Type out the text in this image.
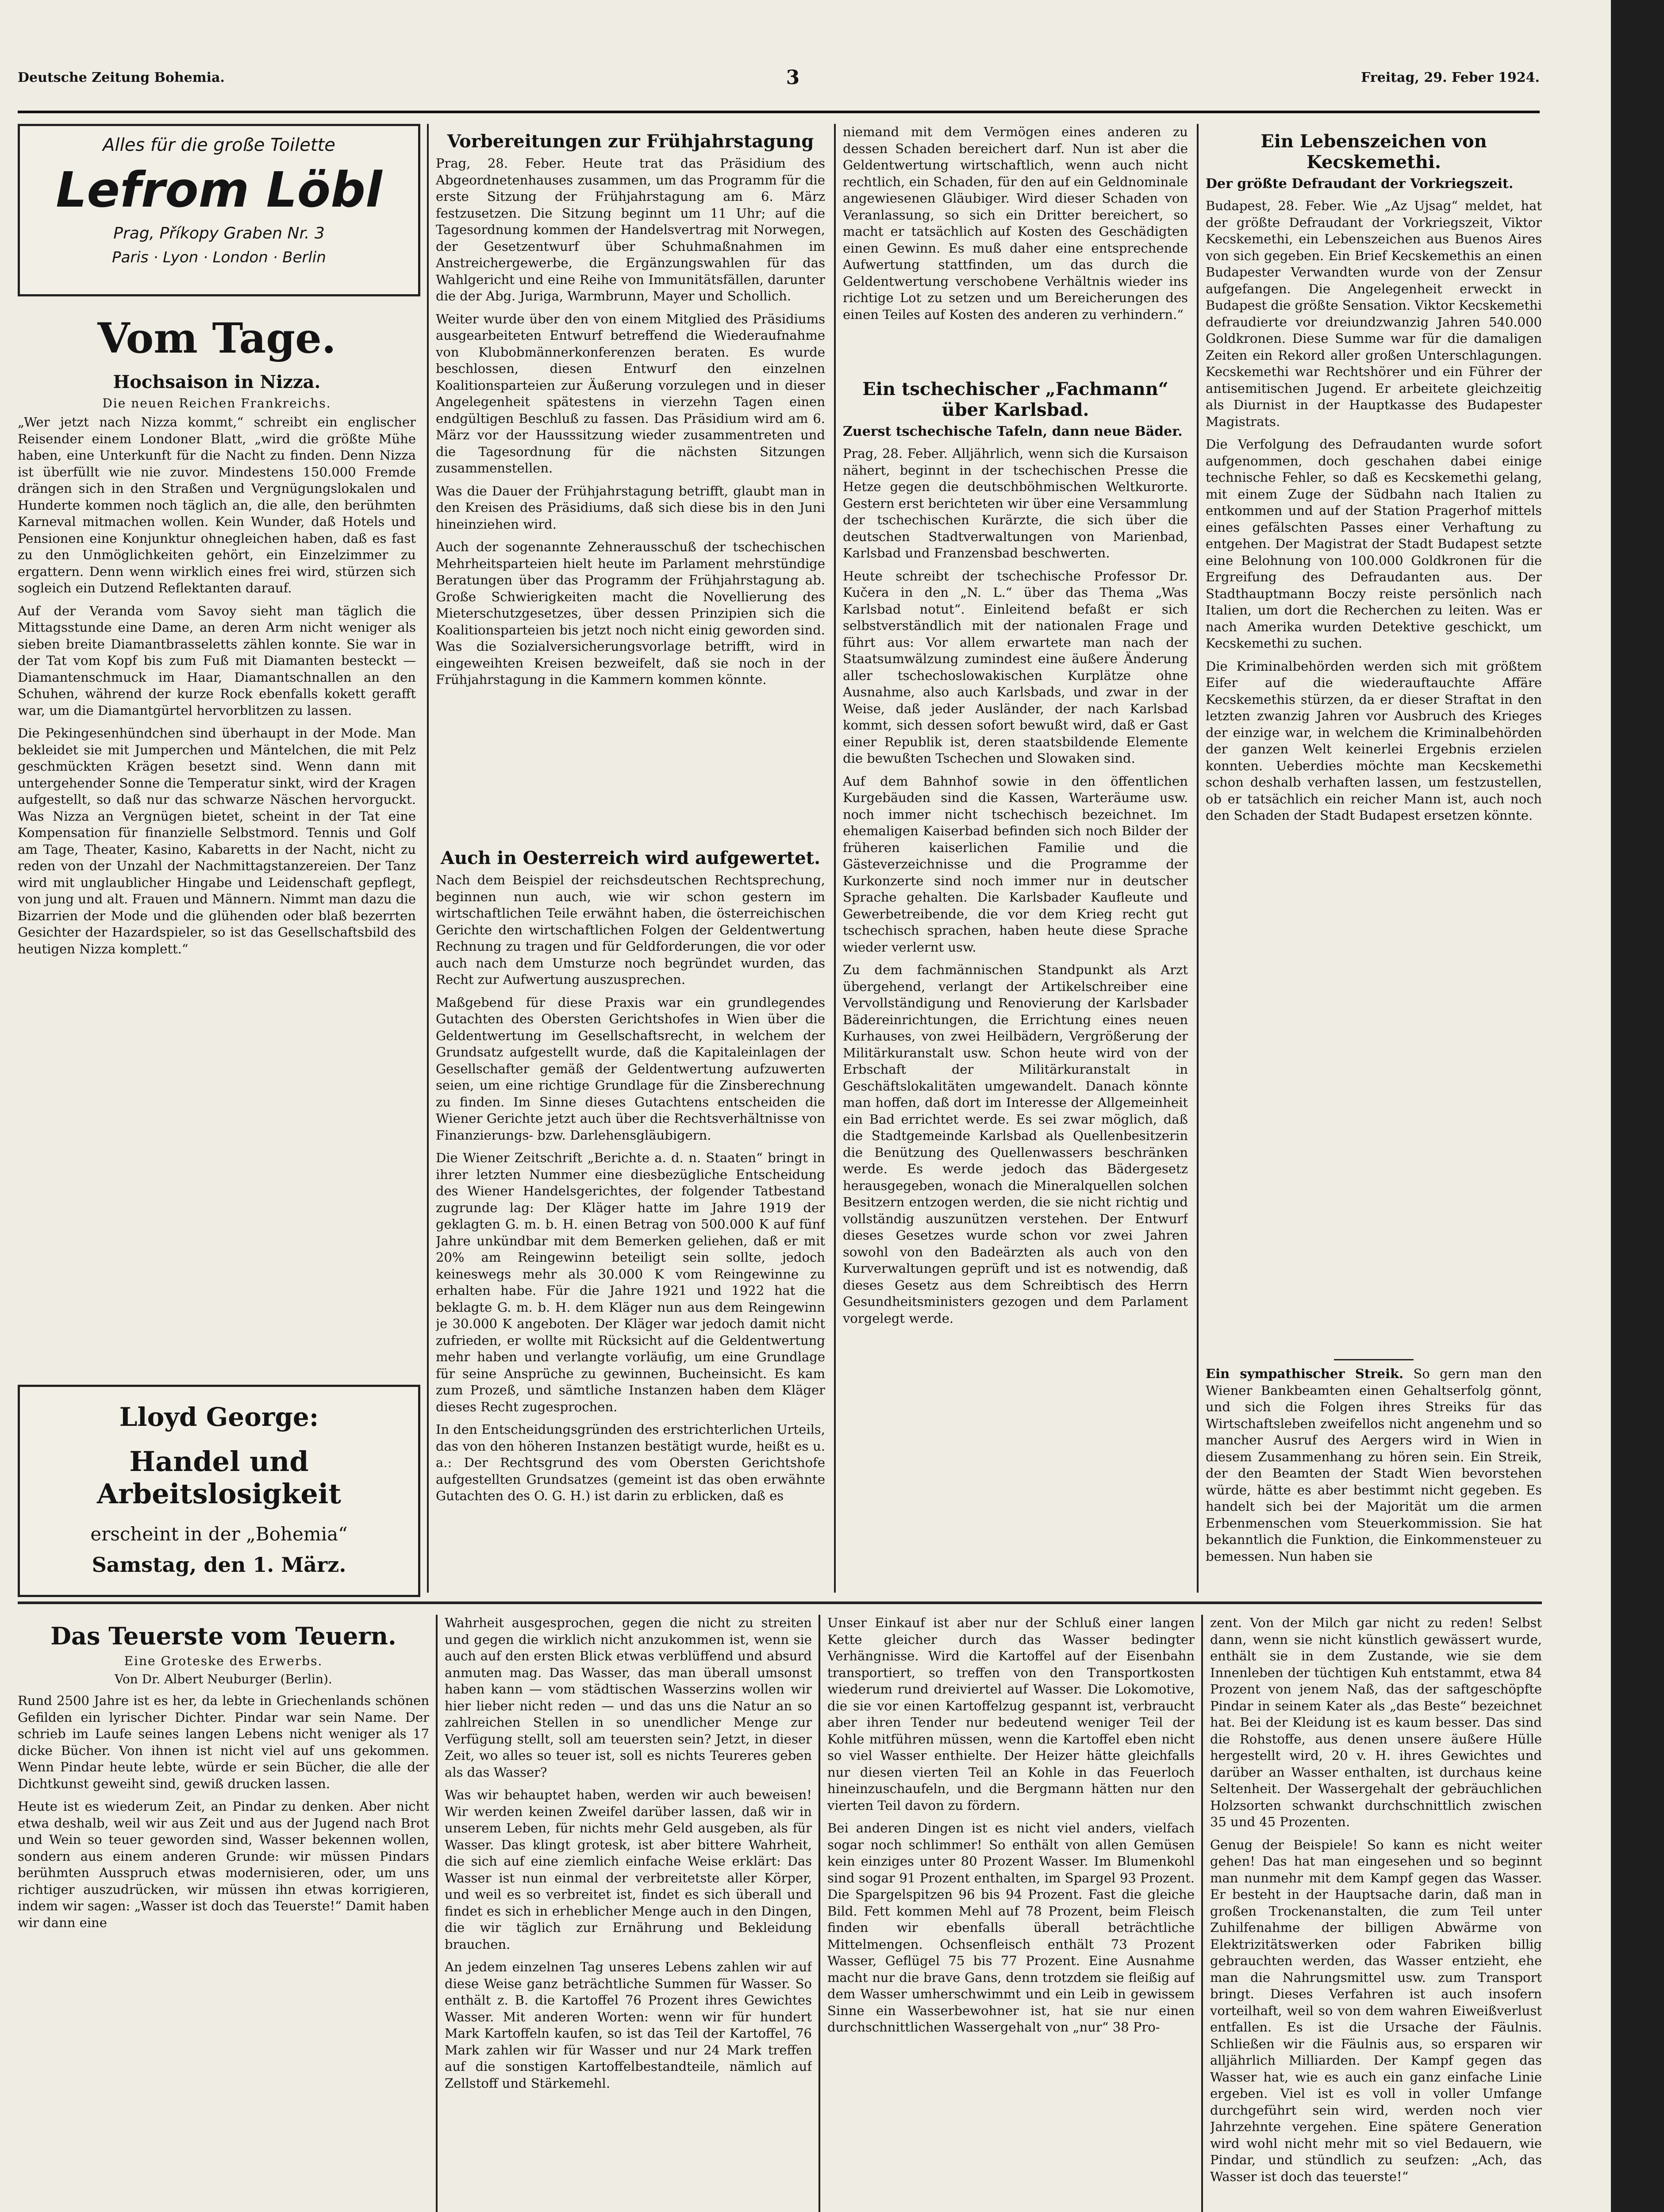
Deutsche Zeitung Bohemia.	3	Freitag, 29. Feber 1924.
Alles für die große Toilette
Lefrom Löbl
Prag, Příkopy Graben Nr. 3
Paris · Lyon · London · Berlin
Vom Tage.
Hochsaison in Nizza.
Die neuen Reichen Frankreichs.

„Wer jetzt nach Nizza kommt,“ schreibt ein englischer Reisender einem Londoner Blatt, „wird die größte Mühe haben, eine Unterkunft für die Nacht zu finden. Denn Nizza ist überfüllt wie nie zuvor. Mindestens 150.000 Fremde drängen sich in den Straßen und Vergnügungslokalen und Hunderte kommen noch täglich an, die alle, den berühmten Karneval mitmachen wollen. Kein Wunder, daß Hotels und Pensionen eine Konjunktur ohnegleichen haben, daß es fast zu den Unmöglichkeiten gehört, ein Einzelzimmer zu ergattern. Denn wenn wirklich eines frei wird, stürzen sich sogleich ein Dutzend Reflektanten darauf.

Auf der Veranda vom Savoy sieht man täglich die Mittagsstunde eine Dame, an deren Arm nicht weniger als sieben breite Diamantbrasseletts zählen konnte. Sie war in der Tat vom Kopf bis zum Fuß mit Diamanten besteckt — Diamantenschmuck im Haar, Diamantschnallen an den Schuhen, während der kurze Rock ebenfalls kokett gerafft war, um die Diamantgürtel hervorblitzen zu lassen.

Die Pekingesenhündchen sind überhaupt in der Mode. Man bekleidet sie mit Jumperchen und Mäntelchen, die mit Pelz geschmückten Krägen besetzt sind. Wenn dann mit untergehender Sonne die Temperatur sinkt, wird der Kragen aufgestellt, so daß nur das schwarze Näschen hervorguckt. Was Nizza an Vergnügen bietet, scheint in der Tat eine Kompensation für finanzielle Selbstmord. Tennis und Golf am Tage, Theater, Kasino, Kabaretts in der Nacht, nicht zu reden von der Unzahl der Nachmittagstanzereien. Der Tanz wird mit unglaublicher Hingabe und Leidenschaft gepflegt, von jung und alt. Frauen und Männern. Nimmt man dazu die Bizarrien der Mode und die glühenden oder blaß bezerrten Gesichter der Hazardspieler, so ist das Gesellschaftsbild des heutigen Nizza komplett.“

Lloyd George:
Handel und Arbeitslosigkeit
erscheint in der „Bohemia“
Samstag, den 1. März.
Vorbereitungen zur Frühjahrstagung

Prag, 28. Feber. Heute trat das Präsidium des Abgeordnetenhauses zusammen, um das Programm für die erste Sitzung der Frühjahrstagung am 6. März festzusetzen. Die Sitzung beginnt um 11 Uhr; auf die Tagesordnung kommen der Handelsvertrag mit Norwegen, der Gesetzentwurf über Schuhmaßnahmen im Anstreichergewerbe, die Ergänzungswahlen für das Wahlgericht und eine Reihe von Immunitätsfällen, darunter die der Abg. Juriga, Warmbrunn, Mayer und Schollich.

Weiter wurde über den von einem Mitglied des Präsidiums ausgearbeiteten Entwurf betreffend die Wiederaufnahme von Klubobmännerkonferenzen beraten. Es wurde beschlossen, diesen Entwurf den einzelnen Koalitionsparteien zur Äußerung vorzulegen und in dieser Angelegenheit spätestens in vierzehn Tagen einen endgültigen Beschluß zu fassen. Das Präsidium wird am 6. März vor der Hausssitzung wieder zusammentreten und die Tagesordnung für die nächsten Sitzungen zusammenstellen.

Was die Dauer der Frühjahrstagung betrifft, glaubt man in den Kreisen des Präsidiums, daß sich diese bis in den Juni hineinziehen wird.

Auch der sogenannte Zehnerausschuß der tschechischen Mehrheitsparteien hielt heute im Parlament mehrstündige Beratungen über das Programm der Frühjahrstagung ab. Große Schwierigkeiten macht die Novellierung des Mieterschutzgesetzes, über dessen Prinzipien sich die Koalitionsparteien bis jetzt noch nicht einig geworden sind. Was die Sozialversicherungsvorlage betrifft, wird in eingeweihten Kreisen bezweifelt, daß sie noch in der Frühjahrstagung in die Kammern kommen könnte.

Auch in Oesterreich wird aufgewertet.

Nach dem Beispiel der reichsdeutschen Rechtsprechung, beginnen nun auch, wie wir schon gestern im wirtschaftlichen Teile erwähnt haben, die österreichischen Gerichte den wirtschaftlichen Folgen der Geldentwertung Rechnung zu tragen und für Geldforderungen, die vor oder auch nach dem Umsturze noch begründet wurden, das Recht zur Aufwertung auszusprechen.

Maßgebend für diese Praxis war ein grundlegendes Gutachten des Obersten Gerichtshofes in Wien über die Geldentwertung im Gesellschaftsrecht, in welchem der Grundsatz aufgestellt wurde, daß die Kapitaleinlagen der Gesellschafter gemäß der Geldentwertung aufzuwerten seien, um eine richtige Grundlage für die Zinsberechnung zu finden. Im Sinne dieses Gutachtens entscheiden die Wiener Gerichte jetzt auch über die Rechtsverhältnisse von Finanzierungs- bzw. Darlehensgläubigern.

Die Wiener Zeitschrift „Berichte a. d. n. Staaten“ bringt in ihrer letzten Nummer eine diesbezügliche Entscheidung des Wiener Handelsgerichtes, der folgender Tatbestand zugrunde lag: Der Kläger hatte im Jahre 1919 der geklagten G. m. b. H. einen Betrag von 500.000 K auf fünf Jahre unkündbar mit dem Bemerken geliehen, daß er mit 20% am Reingewinn beteiligt sein sollte, jedoch keineswegs mehr als 30.000 K vom Reingewinne zu erhalten habe. Für die Jahre 1921 und 1922 hat die beklagte G. m. b. H. dem Kläger nun aus dem Reingewinn je 30.000 K angeboten. Der Kläger war jedoch damit nicht zufrieden, er wollte mit Rücksicht auf die Geldentwertung mehr haben und verlangte vorläufig, um eine Grundlage für seine Ansprüche zu gewinnen, Bucheinsicht. Es kam zum Prozeß, und sämtliche Instanzen haben dem Kläger dieses Recht zugesprochen.

In den Entscheidungsgründen des erstrichterlichen Urteils, das von den höheren Instanzen bestätigt wurde, heißt es u. a.: Der Rechtsgrund des vom Obersten Gerichtshofe aufgestellten Grundsatzes (gemeint ist das oben erwähnte Gutachten des O. G. H.) ist darin zu erblicken, daß es

niemand mit dem Vermögen eines anderen zu dessen Schaden bereichert darf. Nun ist aber die Geldentwertung wirtschaftlich, wenn auch nicht rechtlich, ein Schaden, für den auf ein Geldnominale angewiesenen Gläubiger. Wird dieser Schaden von Veranlassung, so sich ein Dritter bereichert, so macht er tatsächlich auf Kosten des Geschädigten einen Gewinn. Es muß daher eine entsprechende Aufwertung stattfinden, um das durch die Geldentwertung verschobene Verhältnis wieder ins richtige Lot zu setzen und um Bereicherungen des einen Teiles auf Kosten des anderen zu verhindern.“

Ein tschechischer „Fachmann“ über Karlsbad.
Zuerst tschechische Tafeln, dann neue Bäder.

Prag, 28. Feber. Alljährlich, wenn sich die Kursaison nähert, beginnt in der tschechischen Presse die Hetze gegen die deutschböhmischen Weltkurorte. Gestern erst berichteten wir über eine Versammlung der tschechischen Kurärzte, die sich über die deutschen Stadtverwaltungen von Marienbad, Karlsbad und Franzensbad beschwerten.

Heute schreibt der tschechische Professor Dr. Kučera in den „N. L.“ über das Thema „Was Karlsbad notut“. Einleitend befaßt er sich selbstverständlich mit der nationalen Frage und führt aus: Vor allem erwartete man nach der Staatsumwälzung zumindest eine äußere Änderung aller tschechoslowakischen Kurplätze ohne Ausnahme, also auch Karlsbads, und zwar in der Weise, daß jeder Ausländer, der nach Karlsbad kommt, sich dessen sofort bewußt wird, daß er Gast einer Republik ist, deren staatsbildende Elemente die bewußten Tschechen und Slowaken sind.

Auf dem Bahnhof sowie in den öffentlichen Kurgebäuden sind die Kassen, Warteräume usw. noch immer nicht tschechisch bezeichnet. Im ehemaligen Kaiserbad befinden sich noch Bilder der früheren kaiserlichen Familie und die Gästeverzeichnisse und die Programme der Kurkonzerte sind noch immer nur in deutscher Sprache gehalten. Die Karlsbader Kaufleute und Gewerbetreibende, die vor dem Krieg recht gut tschechisch sprachen, haben heute diese Sprache wieder verlernt usw.

Zu dem fachmännischen Standpunkt als Arzt übergehend, verlangt der Artikelschreiber eine Vervollständigung und Renovierung der Karlsbader Bädereinrichtungen, die Errichtung eines neuen Kurhauses, von zwei Heilbädern, Vergrößerung der Militärkuranstalt usw. Schon heute wird von der Erbschaft der Militärkuranstalt in Geschäftslokalitäten umgewandelt. Danach könnte man hoffen, daß dort im Interesse der Allgemeinheit ein Bad errichtet werde. Es sei zwar möglich, daß die Stadtgemeinde Karlsbad als Quellenbesitzerin die Benützung des Quellenwassers beschränken werde. Es werde jedoch das Bädergesetz herausgegeben, wonach die Mineralquellen solchen Besitzern entzogen werden, die sie nicht richtig und vollständig auszunützen verstehen. Der Entwurf dieses Gesetzes wurde schon vor zwei Jahren sowohl von den Badeärzten als auch von den Kurverwaltungen geprüft und ist es notwendig, daß dieses Gesetz aus dem Schreibtisch des Herrn Gesundheitsministers gezogen und dem Parlament vorgelegt werde.

Ein Lebenszeichen von Kecskemethi.
Der größte Defraudant der Vorkriegszeit.

Budapest, 28. Feber. Wie „Az Ujsag“ meldet, hat der größte Defraudant der Vorkriegszeit, Viktor Kecskemethi, ein Lebenszeichen aus Buenos Aires von sich gegeben. Ein Brief Kecskemethis an einen Budapester Verwandten wurde von der Zensur aufgefangen. Die Angelegenheit erweckt in Budapest die größte Sensation. Viktor Kecskemethi defraudierte vor dreiundzwanzig Jahren 540.000 Goldkronen. Diese Summe war für die damaligen Zeiten ein Rekord aller großen Unterschlagungen. Kecskemethi war Rechtshörer und ein Führer der antisemitischen Jugend. Er arbeitete gleichzeitig als Diurnist in der Hauptkasse des Budapester Magistrats.

Die Verfolgung des Defraudanten wurde sofort aufgenommen, doch geschahen dabei einige technische Fehler, so daß es Kecskemethi gelang, mit einem Zuge der Südbahn nach Italien zu entkommen und auf der Station Pragerhof mittels eines gefälschten Passes einer Verhaftung zu entgehen. Der Magistrat der Stadt Budapest setzte eine Belohnung von 100.000 Goldkronen für die Ergreifung des Defraudanten aus. Der Stadthauptmann Boczy reiste persönlich nach Italien, um dort die Recherchen zu leiten. Was er nach Amerika wurden Detektive geschickt, um Kecskemethi zu suchen.

Die Kriminalbehörden werden sich mit größtem Eifer auf die wiederauftauchte Affäre Kecskemethis stürzen, da er dieser Straftat in den letzten zwanzig Jahren vor Ausbruch des Krieges der einzige war, in welchem die Kriminalbehörden der ganzen Welt keinerlei Ergebnis erzielen konnten. Ueberdies möchte man Kecskemethi schon deshalb verhaften lassen, um festzustellen, ob er tatsächlich ein reicher Mann ist, auch noch den Schaden der Stadt Budapest ersetzen könnte.

Ein sympathischer Streik. So gern man den Wiener Bankbeamten einen Gehaltserfolg gönnt, und sich die Folgen ihres Streiks für das Wirtschaftsleben zweifellos nicht angenehm und so mancher Ausruf des Aergers wird in Wien in diesem Zusammenhang zu hören sein. Ein Streik, der den Beamten der Stadt Wien bevorstehen würde, hätte es aber bestimmt nicht gegeben. Es handelt sich bei der Majorität um die armen Erbenmenschen vom Steuerkommission. Sie hat bekanntlich die Funktion, die Einkommensteuer zu bemessen. Nun haben sie

Das Teuerste vom Teuern.
Eine Groteske des Erwerbs.
Von Dr. Albert Neuburger (Berlin).

Rund 2500 Jahre ist es her, da lebte in Griechenlands schönen Gefilden ein lyrischer Dichter. Pindar war sein Name. Der schrieb im Laufe seines langen Lebens nicht weniger als 17 dicke Bücher. Von ihnen ist nicht viel auf uns gekommen. Wenn Pindar heute lebte, würde er sein Bücher, die alle der Dichtkunst geweiht sind, gewiß drucken lassen.

Heute ist es wiederum Zeit, an Pindar zu denken. Aber nicht etwa deshalb, weil wir aus Zeit und aus der Jugend nach Brot und Wein so teuer geworden sind, Wasser bekennen wollen, sondern aus einem anderen Grunde: wir müssen Pindars berühmten Ausspruch etwas modernisieren, oder, um uns richtiger auszudrücken, wir müssen ihn etwas korrigieren, indem wir sagen: „Wasser ist doch das Teuerste!“ Damit haben wir dann eine

Wahrheit ausgesprochen, gegen die nicht zu streiten und gegen die wirklich nicht anzukommen ist, wenn sie auch auf den ersten Blick etwas verblüffend und absurd anmuten mag. Das Wasser, das man überall umsonst haben kann — vom städtischen Wasserzins wollen wir hier lieber nicht reden — und das uns die Natur an so zahlreichen Stellen in so unendlicher Menge zur Verfügung stellt, soll am teuersten sein? Jetzt, in dieser Zeit, wo alles so teuer ist, soll es nichts Teureres geben als das Wasser?

Was wir behauptet haben, werden wir auch beweisen! Wir werden keinen Zweifel darüber lassen, daß wir in unserem Leben, für nichts mehr Geld ausgeben, als für Wasser. Das klingt grotesk, ist aber bittere Wahrheit, die sich auf eine ziemlich einfache Weise erklärt: Das Wasser ist nun einmal der verbreitetste aller Körper, und weil es so verbreitet ist, findet es sich überall und findet es sich in erheblicher Menge auch in den Dingen, die wir täglich zur Ernährung und Bekleidung brauchen.

An jedem einzelnen Tag unseres Lebens zahlen wir auf diese Weise ganz beträchtliche Summen für Wasser. So enthält z. B. die Kartoffel 76 Prozent ihres Gewichtes Wasser. Mit anderen Worten: wenn wir für hundert Mark Kartoffeln kaufen, so ist das Teil der Kartoffel, 76 Mark zahlen wir für Wasser und nur 24 Mark treffen auf die sonstigen Kartoffelbestandteile, nämlich auf Zellstoff und Stärkemehl.

Unser Einkauf ist aber nur der Schluß einer langen Kette gleicher durch das Wasser bedingter Verhängnisse. Wird die Kartoffel auf der Eisenbahn transportiert, so treffen von den Transportkosten wiederum rund dreiviertel auf Wasser. Die Lokomotive, die sie vor einen Kartoffelzug gespannt ist, verbraucht aber ihren Tender nur bedeutend weniger Teil der Kohle mitführen müssen, wenn die Kartoffel eben nicht so viel Wasser enthielte. Der Heizer hätte gleichfalls nur diesen vierten Teil an Kohle in das Feuerloch hineinzuschaufeln, und die Bergmann hätten nur den vierten Teil davon zu fördern.

Bei anderen Dingen ist es nicht viel anders, vielfach sogar noch schlimmer! So enthält von allen Gemüsen kein einziges unter 80 Prozent Wasser. Im Blumenkohl sind sogar 91 Prozent enthalten, im Spargel 93 Prozent. Die Spargelspitzen 96 bis 94 Prozent. Fast die gleiche Bild. Fett kommen Mehl auf 78 Prozent, beim Fleisch finden wir ebenfalls überall beträchtliche Mittelmengen. Ochsenfleisch enthält 73 Prozent Wasser, Geflügel 75 bis 77 Prozent. Eine Ausnahme macht nur die brave Gans, denn trotzdem sie fleißig auf dem Wasser umherschwimmt und ein Leib in gewissem Sinne ein Wasserbewohner ist, hat sie nur einen durchschnittlichen Wassergehalt von „nur“ 38 Pro-

zent. Von der Milch gar nicht zu reden! Selbst dann, wenn sie nicht künstlich gewässert wurde, enthält sie in dem Zustande, wie sie dem Innenleben der tüchtigen Kuh entstammt, etwa 84 Prozent von jenem Naß, das der saftgeschöpfte Pindar in seinem Kater als „das Beste“ bezeichnet hat. Bei der Kleidung ist es kaum besser. Das sind die Rohstoffe, aus denen unsere äußere Hülle hergestellt wird, 20 v. H. ihres Gewichtes und darüber an Wasser enthalten, ist durchaus keine Seltenheit. Der Wassergehalt der gebräuchlichen Holzsorten schwankt durchschnittlich zwischen 35 und 45 Prozenten.

Genug der Beispiele! So kann es nicht weiter gehen! Das hat man eingesehen und so beginnt man nunmehr mit dem Kampf gegen das Wasser. Er besteht in der Hauptsache darin, daß man in großen Trockenanstalten, die zum Teil unter Zuhilfenahme der billigen Abwärme von Elektrizitätswerken oder Fabriken billig gebrauchten werden, das Wasser entzieht, ehe man die Nahrungsmittel usw. zum Transport bringt. Dieses Verfahren ist auch insofern vorteilhaft, weil so von dem wahren Eiweißverlust entfallen. Es ist die Ursache der Fäulnis. Schließen wir die Fäulnis aus, so ersparen wir alljährlich Milliarden. Der Kampf gegen das Wasser hat, wie es auch ein ganz einfache Linie ergeben. Viel ist es voll in voller Umfange durchgeführt sein wird, werden noch vier Jahrzehnte vergehen. Eine spätere Generation wird wohl nicht mehr mit so viel Bedauern, wie Pindar, und stündlich zu seufzen: „Ach, das Wasser ist doch das teuerste!“
